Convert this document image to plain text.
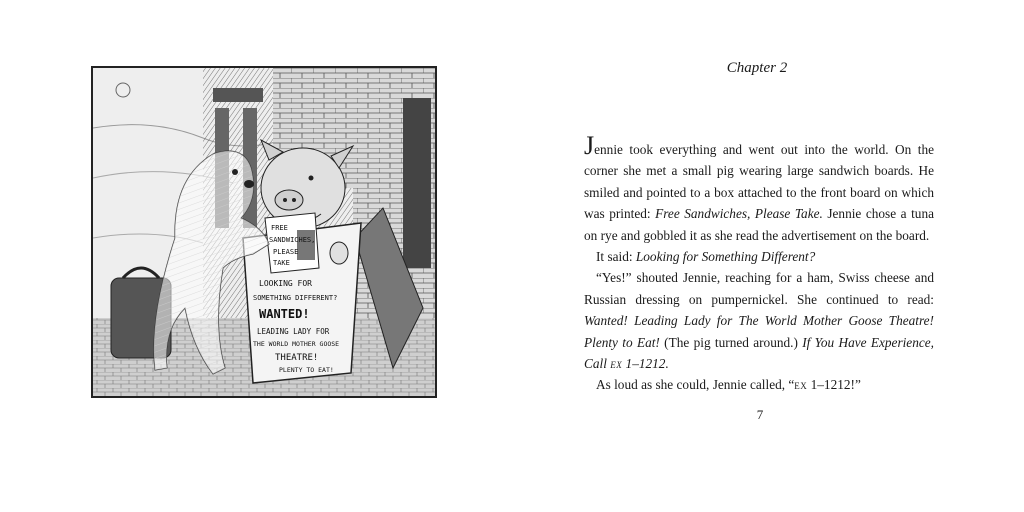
FREE
SANDWICHES,
PLEASE
TAKE
LOOKING FOR
SOMETHING DIFFERENT?
WANTED!
LEADING LADY FOR
THE WORLD MOTHER GOOSE
THEATRE!
PLENTY TO EAT!
Chapter 2

Jennie took everything and went out into the world. On the corner she met a small pig wearing large sandwich boards. He smiled and pointed to a box attached to the front board on which was printed: Free Sandwiches, Please Take. Jennie chose a tuna on rye and gobbled it as she read the advertisement on the board.

It said: Looking for Something Different?

“Yes!” shouted Jennie, reaching for a ham, Swiss cheese and Russian dressing on pumpernickel. She continued to read: Wanted! Leading Lady for The World Mother Goose Theatre! Plenty to Eat! (The pig turned around.) If You Have Experience, Call ex 1–1212.

As loud as she could, Jennie called, “ex 1–1212!”

7
